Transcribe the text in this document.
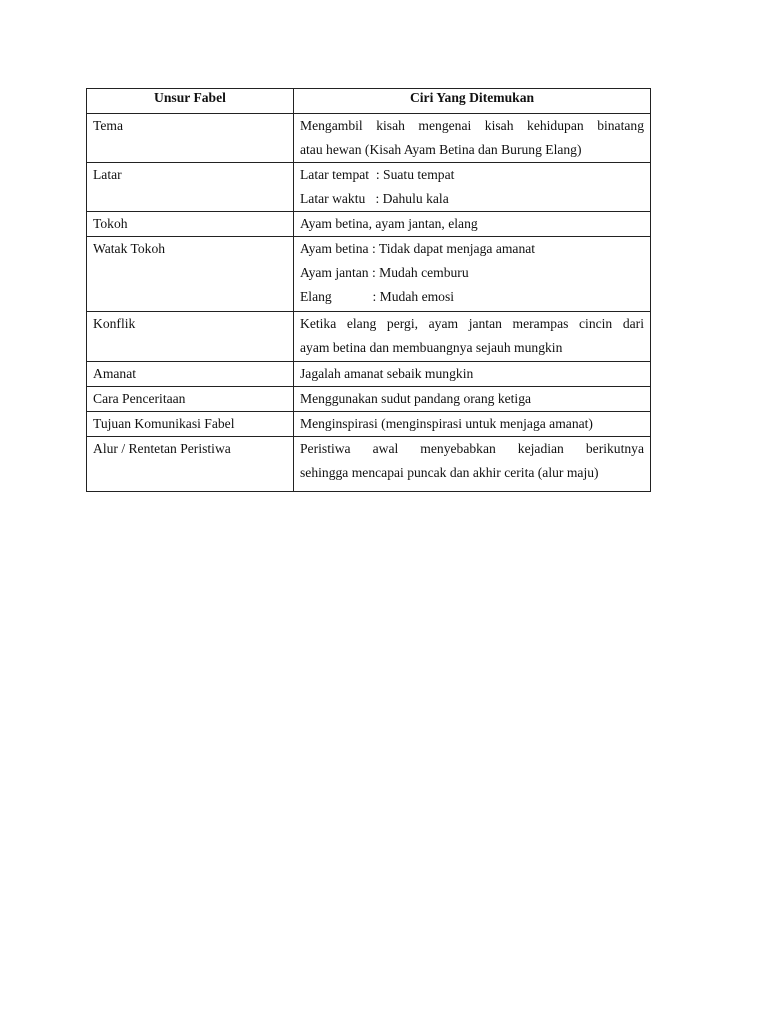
Unsur Fabel	Ciri Yang Ditemukan

Tema	Mengambil kisah mengenai kisah kehidupan binatang
atau hewan (Kisah Ayam Betina dan Burung Elang)

Latar	Latar tempat  : Suatu tempat
Latar waktu   : Dahulu kala

Tokoh	Ayam betina, ayam jantan, elang

Watak Tokoh	Ayam betina : Tidak dapat menjaga amanat
Ayam jantan : Mudah cemburu
Elang            : Mudah emosi

Konflik	Ketika elang pergi, ayam jantan merampas cincin dari
ayam betina dan membuangnya sejauh mungkin

Amanat	Jagalah amanat sebaik mungkin

Cara Penceritaan	Menggunakan sudut pandang orang ketiga

Tujuan Komunikasi Fabel	Menginspirasi (menginspirasi untuk menjaga amanat)

Alur / Rentetan Peristiwa	Peristiwa awal menyebabkan kejadian berikutnya
sehingga mencapai puncak dan akhir cerita (alur maju)
